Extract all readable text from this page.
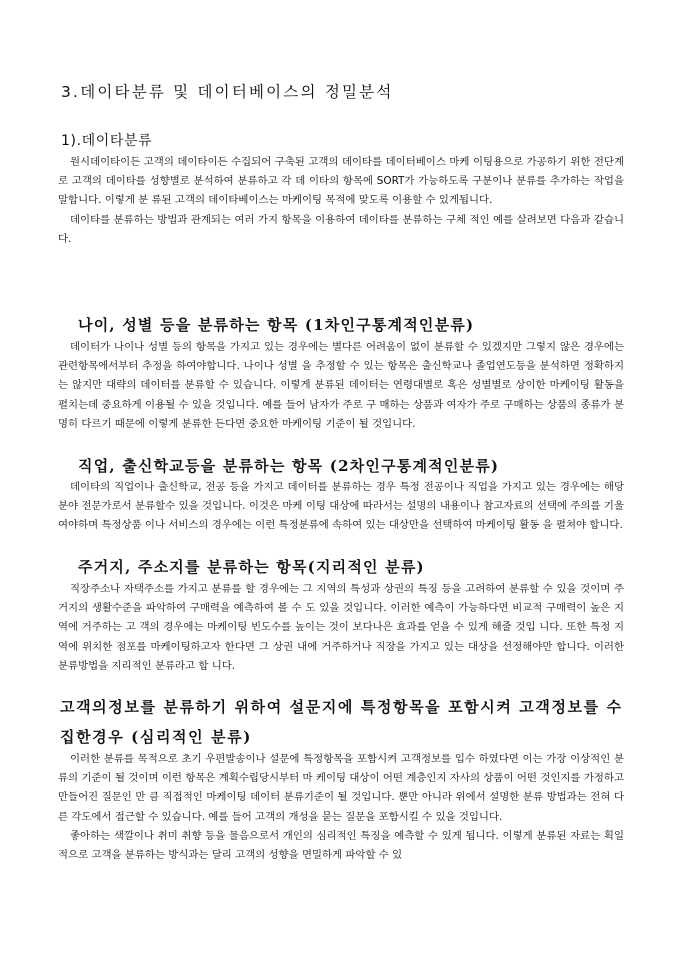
3.데이타분류 및 데이터베이스의 정밀분석
1).데이타분류

원시데이타이든 고객의 데이타이든 수집되어 구축된 고객의 데이타를 데이터베이스 마케 이팅용으로 가공하기 위한 전단계로 고객의 데이타를 성향별로 분석하여 분류하고 각 데 이타의 항목에 SORT가 가능하도록 구분이나 분류를 추가하는 작업을 말합니다. 이렇게 분 류된 고객의 데이타베이스는 마케이팅 목적에 맞도록 이용할 수 있게됩니다.

데이타를 분류하는 방법과 관계되는 여러 가지 항목을 이용하여 데이타를 분류하는 구체 적인 예를 살려보면 다음과 같습니다.

나이, 성별 등을 분류하는 항목 (1차인구통계적인분류)

데이터가 나이나 성별 등의 항목을 가지고 있는 경우에는 별다른 어려움이 없이 분류할 수 있겠지만 그렇지 않은 경우에는 관련항목에서부터 추정을 하여야합니다. 나이나 성별 을 추정할 수 있는 항목은 출신학교나 졸업연도등을 분석하면 정확하지는 않지만 대략의 데이터를 분류할 수 있습니다. 이렇게 분류된 데이터는 연령대별로 혹은 성별별로 상이한 마케이팅 활동을 펼치는데 중요하게 이용될 수 있을 것입니다. 예를 들어 남자가 주로 구 매하는 상품과 여자가 주로 구매하는 상품의 종류가 분명히 다르기 때문에 이렇게 분류한 든다면 중요한 마케이팅 기준이 될 것입니다.

직업, 출신학교등을 분류하는 항목 (2차인구통계적인분류)

데이타의 직업이나 출신학교, 전공 등을 가지고 데이터를 분류하는 경우 특정 전공이나 직업을 가지고 있는 경우에는 해당분야 전문가로서 분류할수 있을 것입니다. 이것은 마케 이팅 대상에 따라서는 설명의 내용이나 참고자료의 선택에 주의를 기울여야하며 특정상품 이나 서비스의 경우에는 이런 특정분류에 속하여 있는 대상만을 선택하여 마케이팅 활동 을 펼쳐야 합니다.

주거지, 주소지를 분류하는 항목(지리적인 분류)

직장주소나 자택주소를 가지고 분류를 할 경우에는 그 지역의 특성과 상권의 특징 등을 고려하여 분류할 수 있을 것이며 주거지의 생활수준을 파악하여 구매력을 예측하여 볼 수 도 있을 것입니다. 이러한 예측이 가능하다면 비교적 구매력이 높은 지역에 거주하는 고 객의 경우에는 마케이팅 빈도수를 높이는 것이 보다나은 효과를 얻을 수 있게 해줄 것입 니다. 또한 특정 지역에 위치한 점포를 마케이팅하고자 한다면 그 상권 내에 거주하거나 직장을 가지고 있는 대상을 선정해야만 합니다. 이러한 분류방법을 지리적인 분류라고 합 니다.

고객의정보를 분류하기 위하여 설문지에 특정항목을 포함시켜 고객정보를 수집한경우 (심리적인 분류)

이러한 분류를 목적으로 초기 우편발송이나 설문에 특정항목을 포함시켜 고객정보를 입수 하였다면 이는 가장 이상적인 분류의 기준이 될 것이며 이런 항목은 계획수립당시부터 마 케이팅 대상이 어떤 계층인지 자사의 상품이 어떤 것인지를 가정하고 만들어진 질문인 만 큼 직접적인 마케이팅 데이터 분류기준이 될 것입니다. 뿐만 아니라 위에서 설명한 분류 방법과는 전혀 다른 각도에서 접근할 수 있습니다. 예를 들어 고객의 개성을 묻는 질문을 포함시킬 수 있을 것입니다.

좋아하는 색깔이나 취미 취향 등을 물음으로서 개인의 심리적인 특징을 예측할 수 있게 됩니다. 이렇게 분류된 자료는 획일적으로 고객을 분류하는 방식과는 달리 고객의 성향을 면밀하게 파악할 수 있
